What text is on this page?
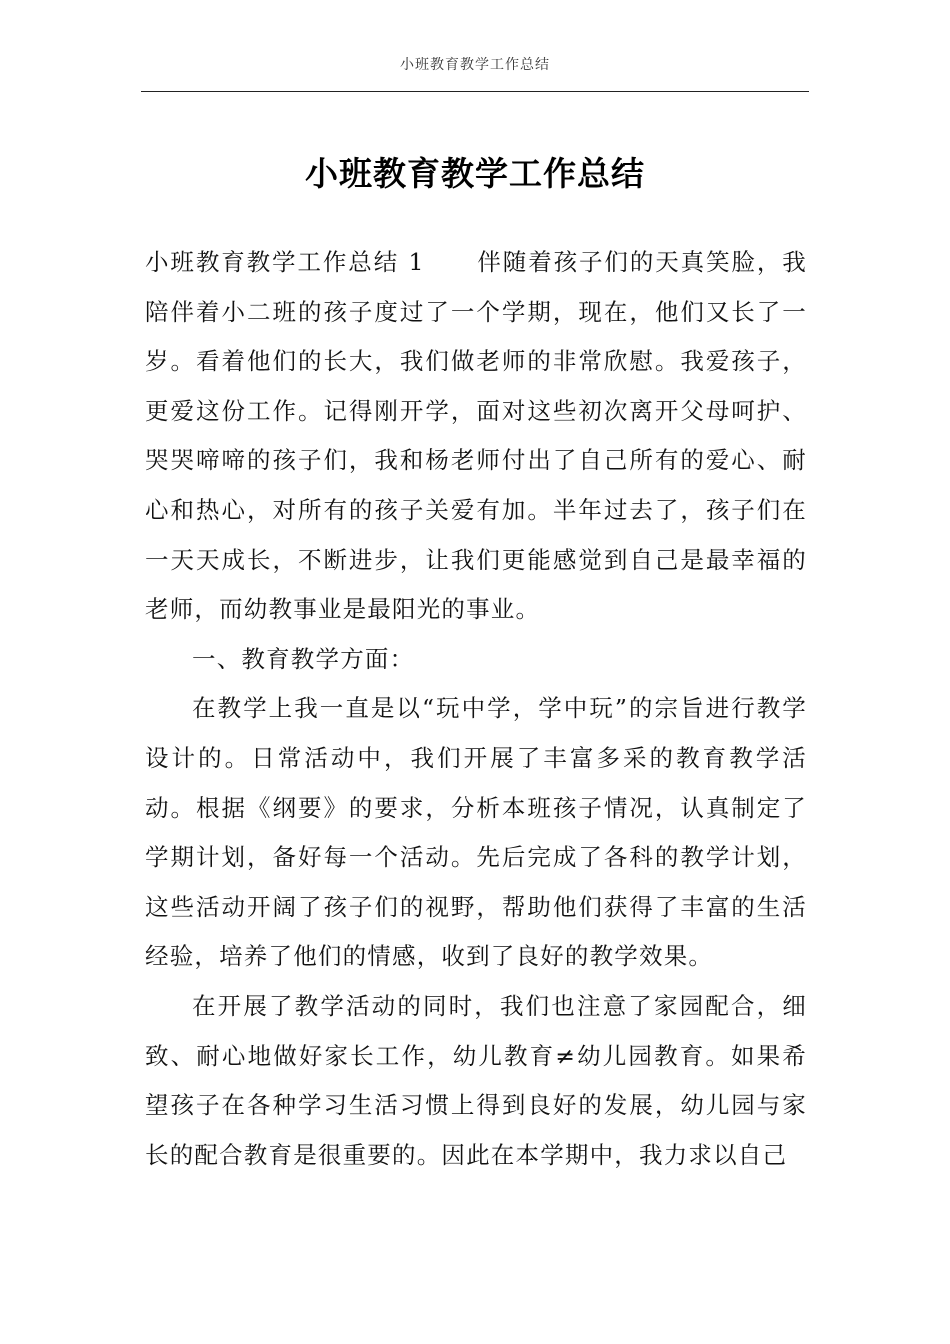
小班教育教学工作总结
小班教育教学工作总结

小班教育教学工作总结 1 伴随着孩子们的天真笑脸，我陪伴着小二班的孩子度过了一个学期，现在，他们又长了一岁。看着他们的长大，我们做老师的非常欣慰。我爱孩子，更爱这份工作。记得刚开学，面对这些初次离开父母呵护、哭哭啼啼的孩子们，我和杨老师付出了自己所有的爱心、耐心和热心，对所有的孩子关爱有加。半年过去了，孩子们在一天天成长，不断进步，让我们更能感觉到自己是最幸福的老师，而幼教事业是最阳光的事业。

一、教育教学方面：

在教学上我一直是以“玩中学，学中玩”的宗旨进行教学设计的。日常活动中，我们开展了丰富多采的教育教学活动。根据《纲要》的要求，分析本班孩子情况，认真制定了学期计划，备好每一个活动。先后完成了各科的教学计划，这些活动开阔了孩子们的视野，帮助他们获得了丰富的生活经验，培养了他们的情感，收到了良好的教学效果。

在开展了教学活动的同时，我们也注意了家园配合，细致、耐心地做好家长工作，幼儿教育≠幼儿园教育。如果希望孩子在各种学习生活习惯上得到良好的发展，幼儿园与家长的配合教育是很重要的。因此在本学期中，我力求以自己
